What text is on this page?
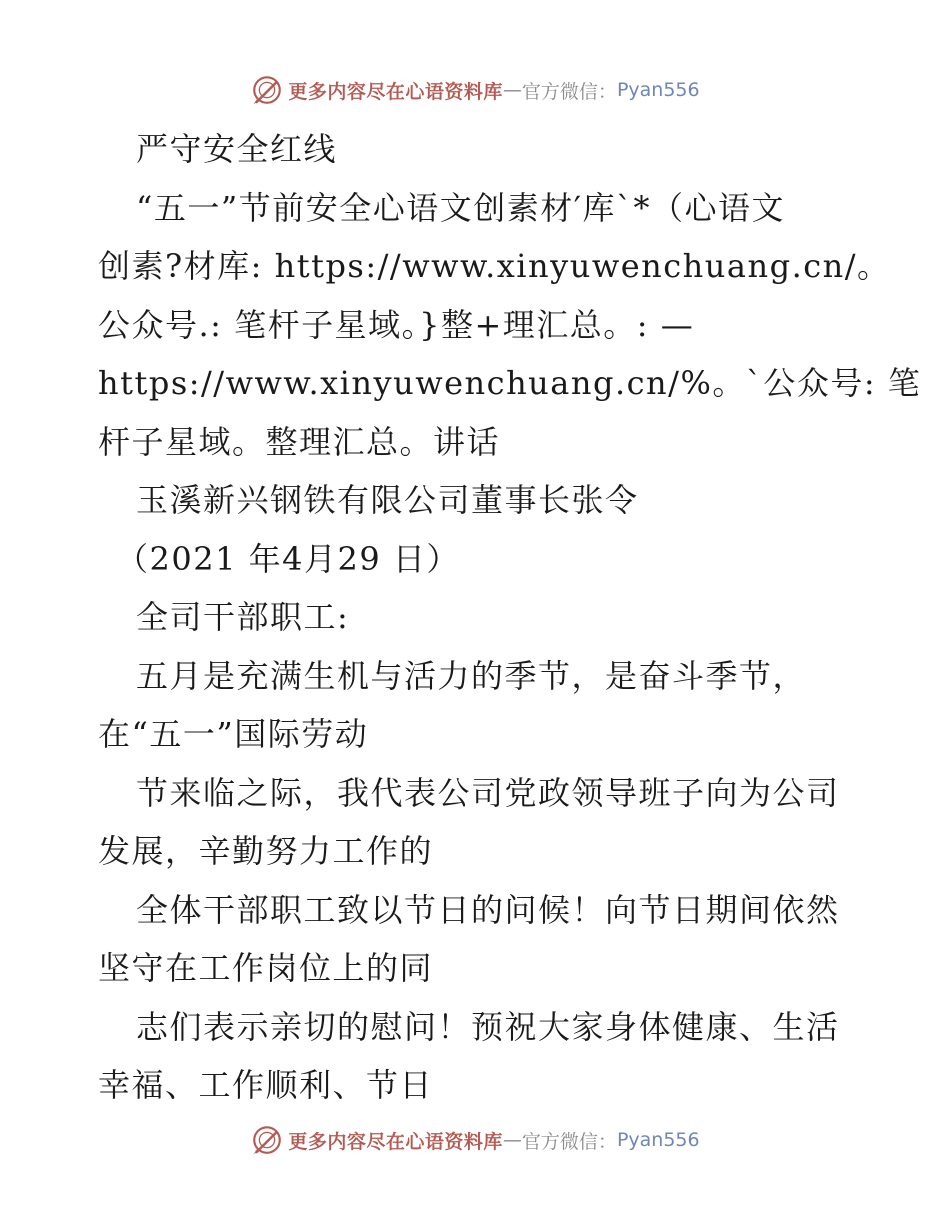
更多内容尽在心语资料库 — 官方微信： Pyan556

严守安全红线

“五一”节前安全心语文创素材′库`*（心语文

创素?材库: https://www.xinyuwenchuang.cn/。

公众号.: 笔杆子星域。}整+理汇总。: —

https://www.xinyuwenchuang.cn/%。`公众号: 笔

杆子星域。整理汇总。讲话

玉溪新兴钢铁有限公司董事长张令

（2021 年4月29 日）

全司干部职工:

五月是充满生机与活力的季节，是奋斗季节，

在“五一”国际劳动

节来临之际，我代表公司党政领导班子向为公司

发展，辛勤努力工作的

全体干部职工致以节日的问候！向节日期间依然

坚守在工作岗位上的同

志们表示亲切的慰问！预祝大家身体健康、生活

幸福、工作顺利、节日

更多内容尽在心语资料库 — 官方微信： Pyan556
